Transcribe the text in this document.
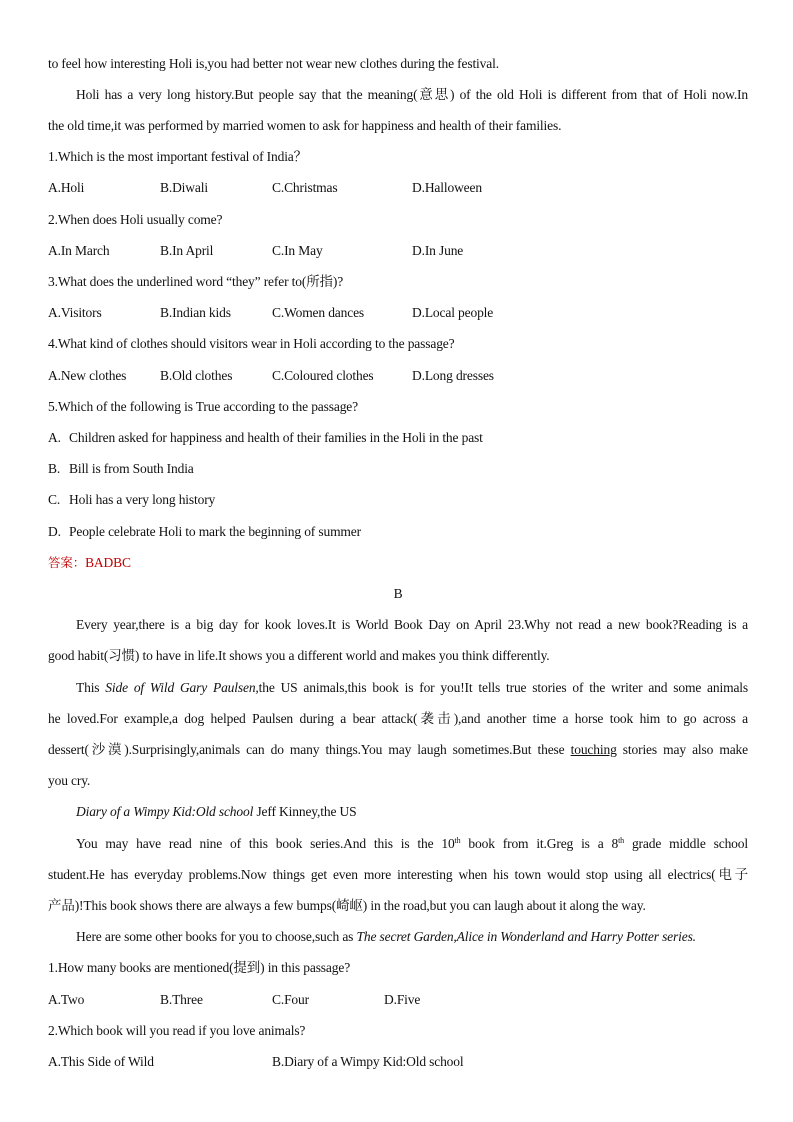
to feel how interesting Holi is,you had better not wear new clothes during the festival.
Holi has a very long history.But people say that the meaning(意思) of the old Holi is different from that of Holi now.In
the old time,it was performed by married women to ask for happiness and health of their families.
1.Which is the most important festival of India？
A.Holi	B.Diwali	C.Christmas	D.Halloween
2.When does Holi usually come?
A.In March	B.In April	C.In May	D.In June
3.What does the underlined word “they” refer to(所指)?
A.Visitors	B.Indian kids	C.Women dances	D.Local people
4.What kind of clothes should visitors wear in Holi according to the passage?
A.New clothes B.Old clothes	C.Coloured clothes	D.Long dresses
5.Which of the following is True according to the passage?
A. Children asked for happiness and health of their families in the Holi in the past
B. Bill is from South India
C. Holi has a very long history
D. People celebrate Holi to mark the beginning of summer
答案：BADBC
B
Every year,there is a big day for kook loves.It is World Book Day on April 23.Why not read a new book?Reading is a
good habit(习惯) to have in life.It shows you a different world and makes you think differently.
This Side of Wild Gary Paulsen,the US animals,this book is for you!It tells true stories of the writer and some animals
he loved.For example,a dog helped Paulsen during a bear attack(袭击),and another time a horse took him to go across a
dessert(沙漠).Surprisingly,animals can do many things.You may laugh sometimes.But these touching stories may also make
you cry.
Diary of a Wimpy Kid:Old school Jeff Kinney,the US
You may have read nine of this book series.And this is the 10th book from it.Greg is a 8th grade middle school
student.He has everyday problems.Now things get even more interesting when his town would stop using all electrics(电子
产品)!This book shows there are always a few bumps(崎岖) in the road,but you can laugh about it along the way.
Here are some other books for you to choose,such as The secret Garden,Alice in Wonderland and Harry Potter series.
1.How many books are mentioned(提到) in this passage?
A.Two	B.Three	C.Four	D.Five
2.Which book will you read if you love animals?
A.This Side of Wild	B.Diary of a Wimpy Kid:Old school
